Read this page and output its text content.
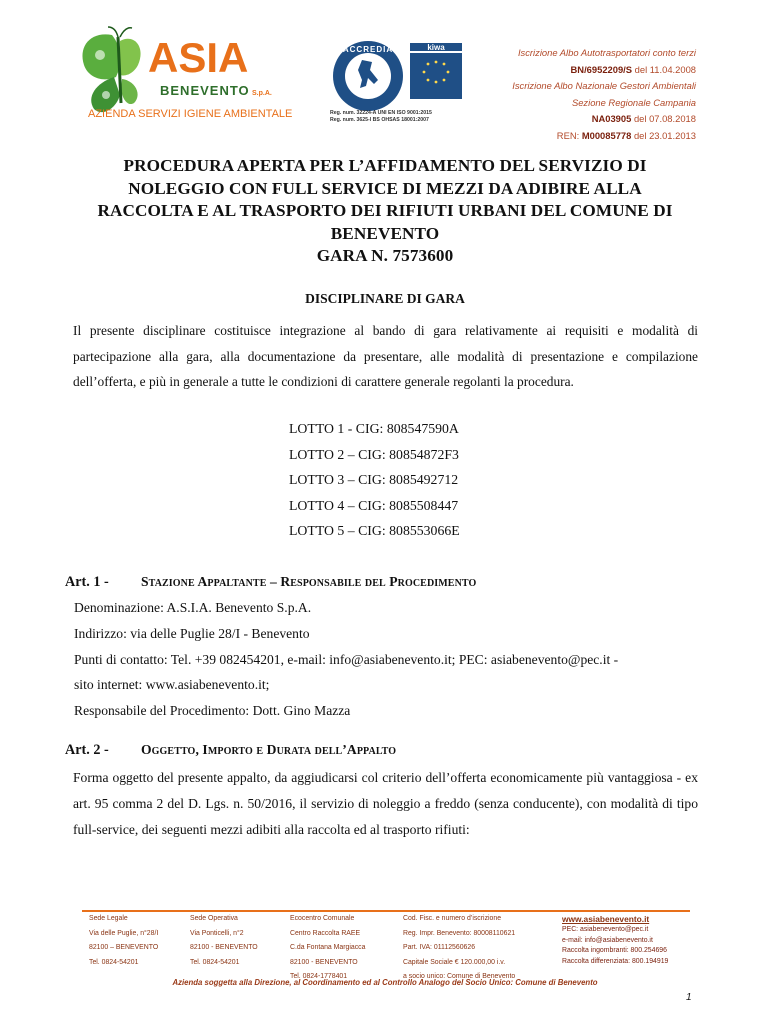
ASIA
BENEVENTO S.p.A.
AZIENDA SERVIZI IGIENE AMBIENTALE
ACCREDIA	kiwa
Reg. num. 32224-A UNI EN ISO 9001:2015
Reg. num. 3625-I BS OHSAS 18001:2007
Iscrizione Albo Autotrasportatori conto terzi
BN/6952209/S del 11.04.2008
Iscrizione Albo Nazionale Gestori Ambientali
Sezione Regionale Campania
NA03905 del 07.08.2018
REN: M00085778 del 23.01.2013
PROCEDURA APERTA PER L’AFFIDAMENTO DEL SERVIZIO DI
NOLEGGIO CON FULL SERVICE DI MEZZI DA ADIBIRE ALLA
RACCOLTA E AL TRASPORTO DEI RIFIUTI URBANI DEL COMUNE DI
BENEVENTO
GARA N. 7573600
DISCIPLINARE DI GARA
Il presente disciplinare costituisce integrazione al bando di gara relativamente ai requisiti e modalità di partecipazione alla gara, alla documentazione da presentare, alle modalità di presentazione e compilazione dell’offerta, e più in generale a tutte le condizioni di carattere generale regolanti la procedura.
LOTTO 1 - CIG: 808547590A
LOTTO 2 – CIG: 80854872F3
LOTTO 3 – CIG: 8085492712
LOTTO 4 – CIG: 8085508447
LOTTO 5 – CIG: 808553066E
Art. 1 - Stazione Appaltante – Responsabile del Procedimento
Denominazione: A.S.I.A. Benevento S.p.A.
Indirizzo: via delle Puglie 28/I - Benevento
Punti di contatto: Tel. +39 082454201, e-mail: info@asiabenevento.it; PEC: asiabenevento@pec.it -
sito internet: www.asiabenevento.it;
Responsabile del Procedimento: Dott. Gino Mazza
Art. 2 - Oggetto, Importo e Durata dell’Appalto
Forma oggetto del presente appalto, da aggiudicarsi col criterio dell’offerta economicamente più vantaggiosa - ex art. 95 comma 2 del D. Lgs. n. 50/2016, il servizio di noleggio a freddo (senza conducente), con modalità di tipo full-service, dei seguenti mezzi adibiti alla raccolta ed al trasporto rifiuti:
Sede Legale
Via delle Puglie, n°28/I
82100 – BENEVENTO
Tel. 0824-54201
Sede Operativa
Via Ponticelli, n°2
82100 - BENEVENTO
Tel. 0824-54201
Ecocentro Comunale
Centro Raccolta RAEE
C.da Fontana Margiacca
82100 - BENEVENTO
Tel. 0824-1778401
Cod. Fisc. e numero d’iscrizione
Reg. Impr. Benevento: 80008110621
Part. IVA: 01112560626
Capitale Sociale € 120.000,00 i.v.
a socio unico: Comune di Benevento
www.asiabenevento.it
PEC: asiabenevento@pec.it
e-mail: info@asiabenevento.it
Raccolta ingombranti: 800.254696
Raccolta differenziata: 800.194919
Azienda soggetta alla Direzione, al Coordinamento ed al Controllo Analogo del Socio Unico: Comune di Benevento
1
